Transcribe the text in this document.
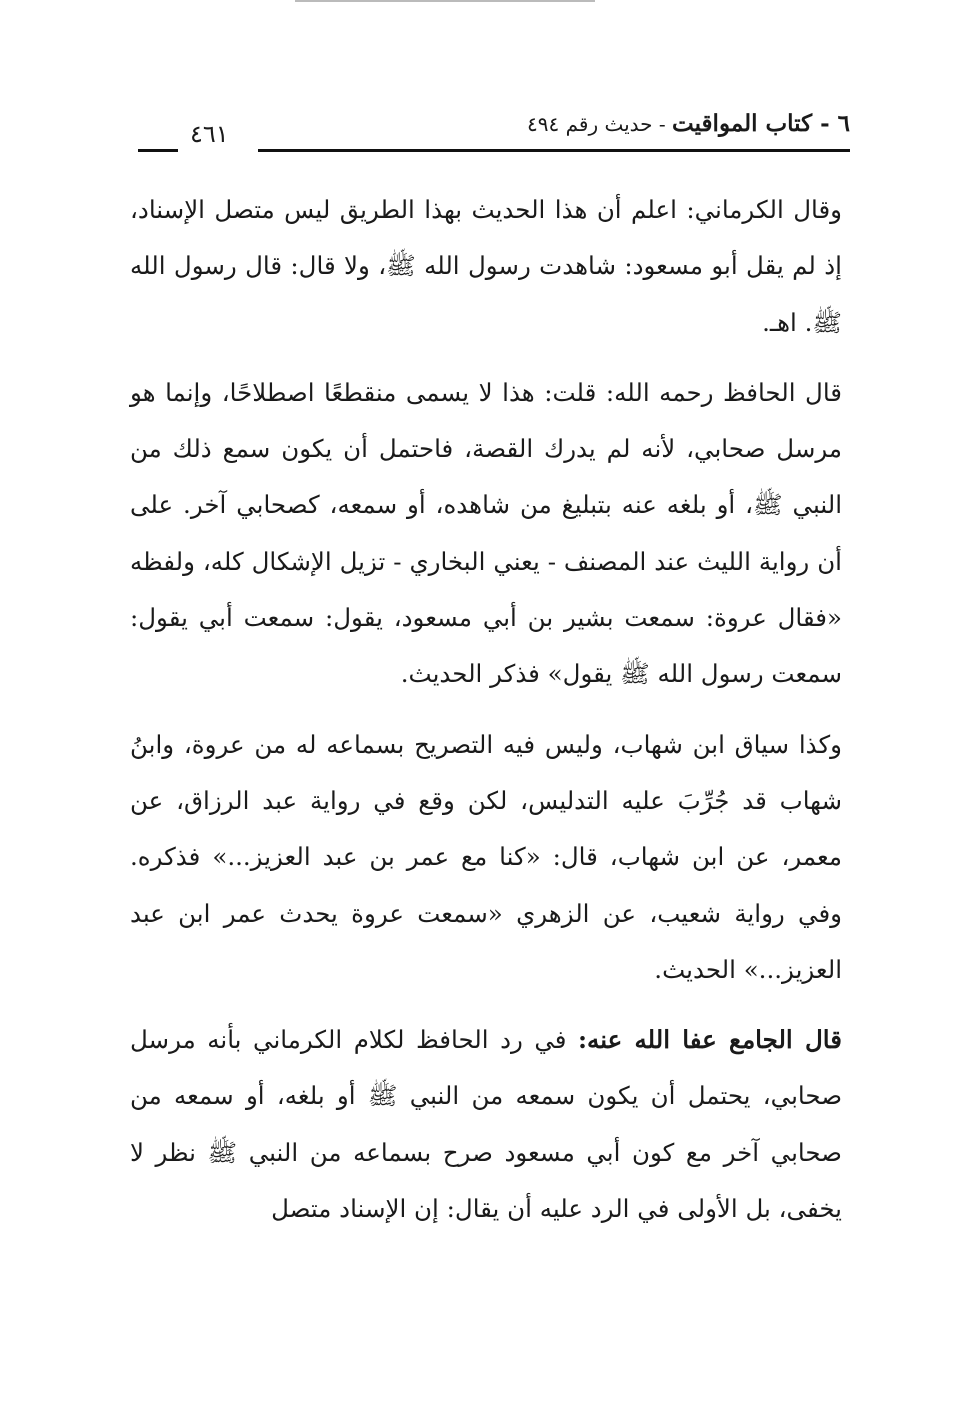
٦ - كتاب المواقيت - حديث رقم ٤٩٤
٤٦١

وقال الكرماني: اعلم أن هذا الحديث بهذا الطريق ليس متصل الإسناد، إذ لم يقل أبو مسعود: شاهدت رسول الله ﷺ، ولا قال: قال رسول الله ﷺ. اهـ.

قال الحافظ رحمه الله: قلت: هذا لا يسمى منقطعًا اصطلاحًا، وإنما هو مرسل صحابي، لأنه لم يدرك القصة، فاحتمل أن يكون سمع ذلك من النبي ﷺ، أو بلغه عنه بتبليغ من شاهده، أو سمعه، كصحابي آخر. على أن رواية الليث عند المصنف - يعني البخاري - تزيل الإشكال كله، ولفظه «فقال عروة: سمعت بشير بن أبي مسعود، يقول: سمعت أبي يقول: سمعت رسول الله ﷺ يقول» فذكر الحديث.

وكذا سياق ابن شهاب، وليس فيه التصريح بسماعه له من عروة، وابنُ شهاب قد جُرِّبَ عليه التدليس، لكن وقع في رواية عبد الرزاق، عن معمر، عن ابن شهاب، قال: «كنا مع عمر بن عبد العزيز...» فذكره. وفي رواية شعيب، عن الزهري «سمعت عروة يحدث عمر ابن عبد العزيز...» الحديث.

قال الجامع عفا الله عنه: في رد الحافظ لكلام الكرماني بأنه مرسل صحابي، يحتمل أن يكون سمعه من النبي ﷺ أو بلغه، أو سمعه من صحابي آخر مع كون أبي مسعود صرح بسماعه من النبي ﷺ نظر لا يخفى، بل الأولى في الرد عليه أن يقال: إن الإسناد متصل
